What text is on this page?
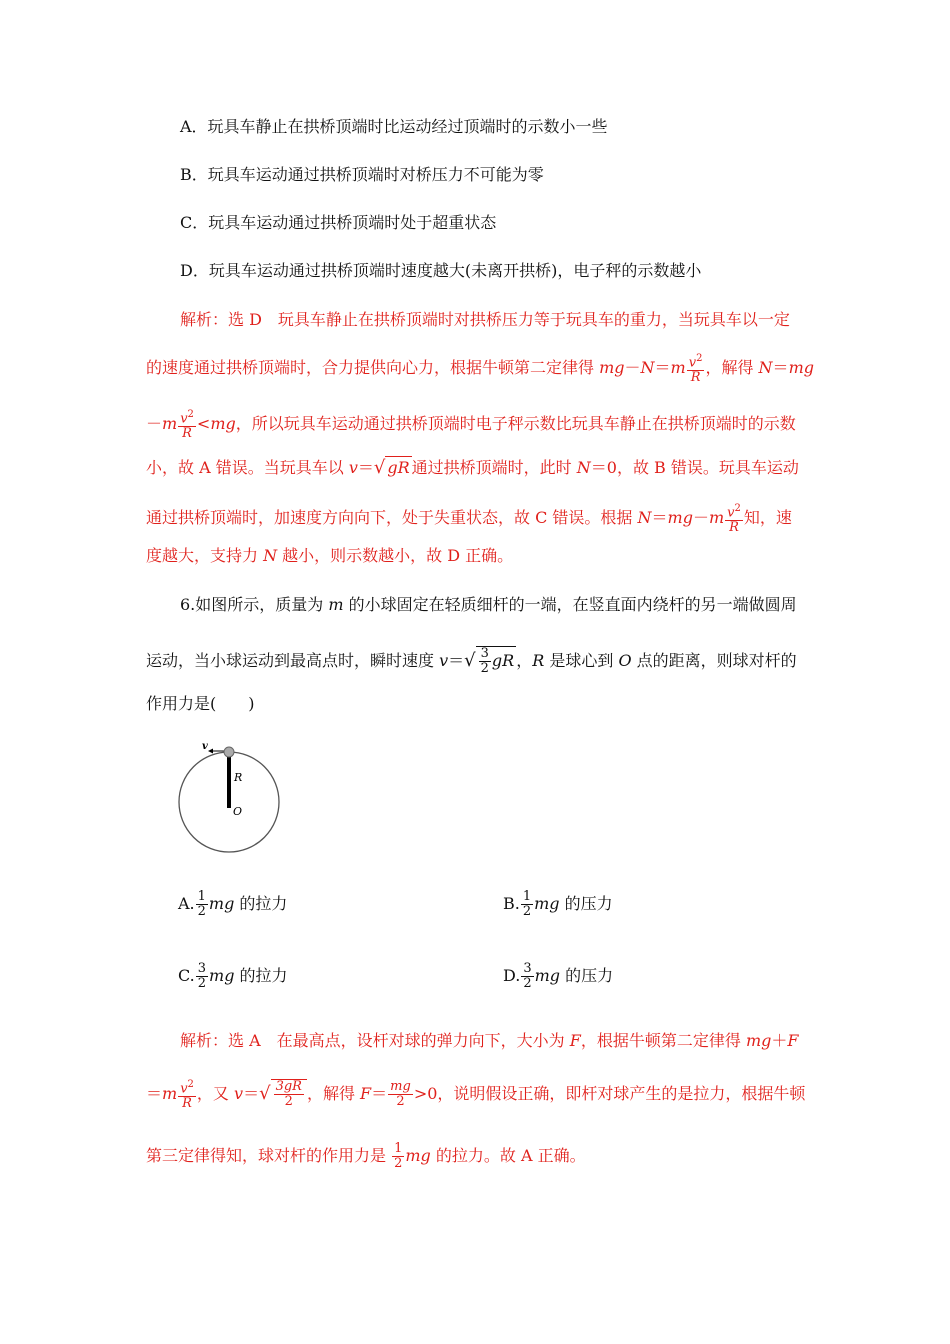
A．玩具车静止在拱桥顶端时比运动经过顶端时的示数小一些
B．玩具车运动通过拱桥顶端时对桥压力不可能为零
C．玩具车运动通过拱桥顶端时处于超重状态
D．玩具车运动通过拱桥顶端时速度越大(未离开拱桥)，电子秤的示数越小
解析：选 D　玩具车静止在拱桥顶端时对拱桥压力等于玩具车的重力，当玩具车以一定
的速度通过拱桥顶端时，合力提供向心力，根据牛顿第二定律得 $mg-N=m \frac{v^2}{R}$ ，解得 N＝mg
$-m \frac{v^2}{R} <mg$，所以玩具车运动通过拱桥顶端时电子秤示数比玩具车静止在拱桥顶端时的示数
小，故 A 错误。当玩具车以 v＝√ gR 通过拱桥顶端时，此时 N＝0，故 B 错误。玩具车运动
通过拱桥顶端时，加速度方向向下，处于失重状态，故 C 错误。根据 $N=mg-m \frac{v^2}{R}$ 知，速
度越大，支持力 N 越小，则示数越小，故 D 正确。
6.如图所示，质量为 m 的小球固定在轻质细杆的一端，在竖直面内绕杆的另一端做圆周
运动，当小球运动到最高点时，瞬时速度 $v=√ \frac{3}{2}$ gR ，R 是球心到 O 点的距离，则球对杆的
作用力是(　　)
v
R
O
A. $\frac{1}{2}$ mg 的拉力	B. $\frac{1}{2}$ mg 的压力
C. $\frac{3}{2}$ mg 的拉力	D. $\frac{3}{2}$ mg 的压力
解析：选 A　在最高点，设杆对球的弹力向下，大小为 F，根据牛顿第二定律得 mg＋F
$=m \frac{v^2}{R}$ ，又 $v=√ \frac{3gR}{2}$ ，解得 $F= \frac{mg}{2} >0$，说明假设正确，即杆对球产生的是拉力，根据牛顿
第三定律得知，球对杆的作用力是 $\frac{1}{2}$ mg 的拉力。故 A 正确。
